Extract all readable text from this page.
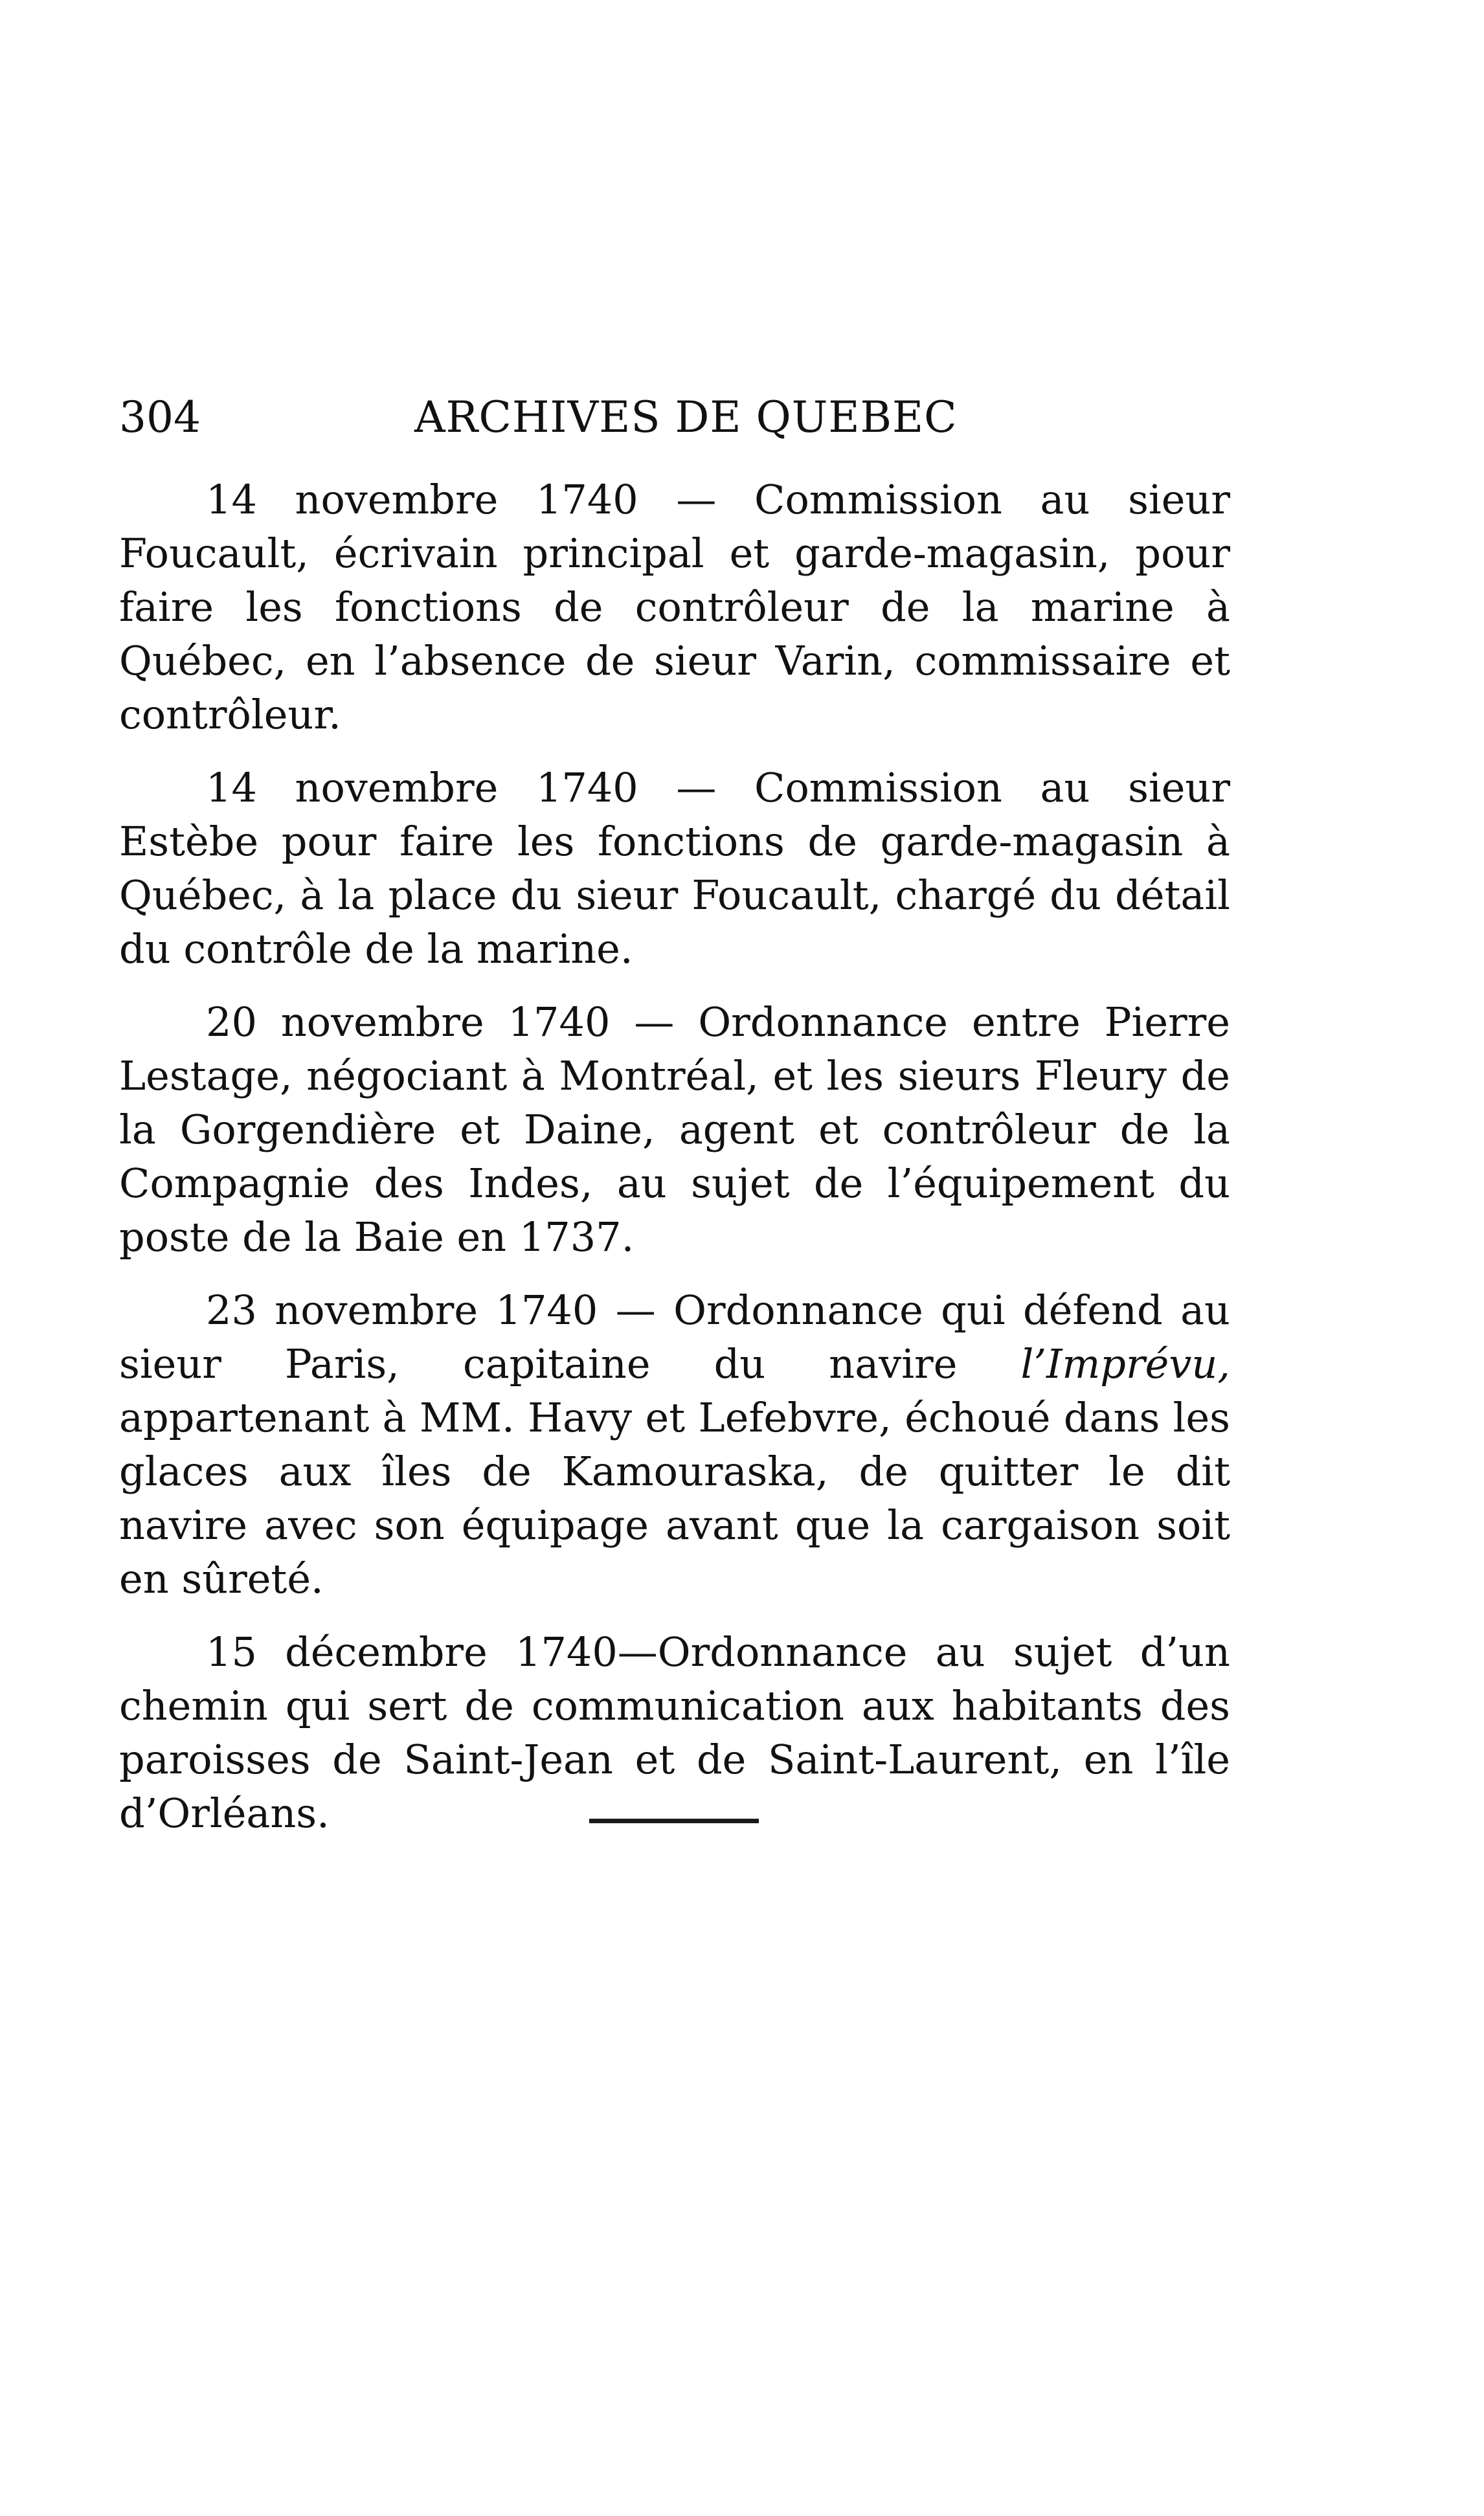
304	ARCHIVES DE QUEBEC

14 novembre 1740 — Commission au sieur Foucault, écrivain principal et garde-magasin, pour faire les fonctions de contrôleur de la marine à Québec, en l’absence de sieur Varin, commissaire et contrôleur.

14 novembre 1740 — Commission au sieur Estèbe pour faire les fonctions de garde-magasin à Québec, à la place du sieur Foucault, chargé du détail du contrôle de la marine.

20 novembre 1740 — Ordonnance entre Pierre Lestage, négociant à Montréal, et les sieurs Fleury de la Gorgendière et Daine, agent et contrôleur de la Compagnie des Indes, au sujet de l’équipement du poste de la Baie en 1737.

23 novembre 1740 — Ordonnance qui défend au sieur Paris, capitaine du navire l’Imprévu, appartenant à MM. Havy et Lefebvre, échoué dans les glaces aux îles de Kamouraska, de quitter le dit navire avec son équipage avant que la cargaison soit en sûreté.

15 décembre 1740—Ordonnance au sujet d’un chemin qui sert de communication aux habitants des paroisses de Saint-Jean et de Saint-Laurent, en l’île d’Orléans.
